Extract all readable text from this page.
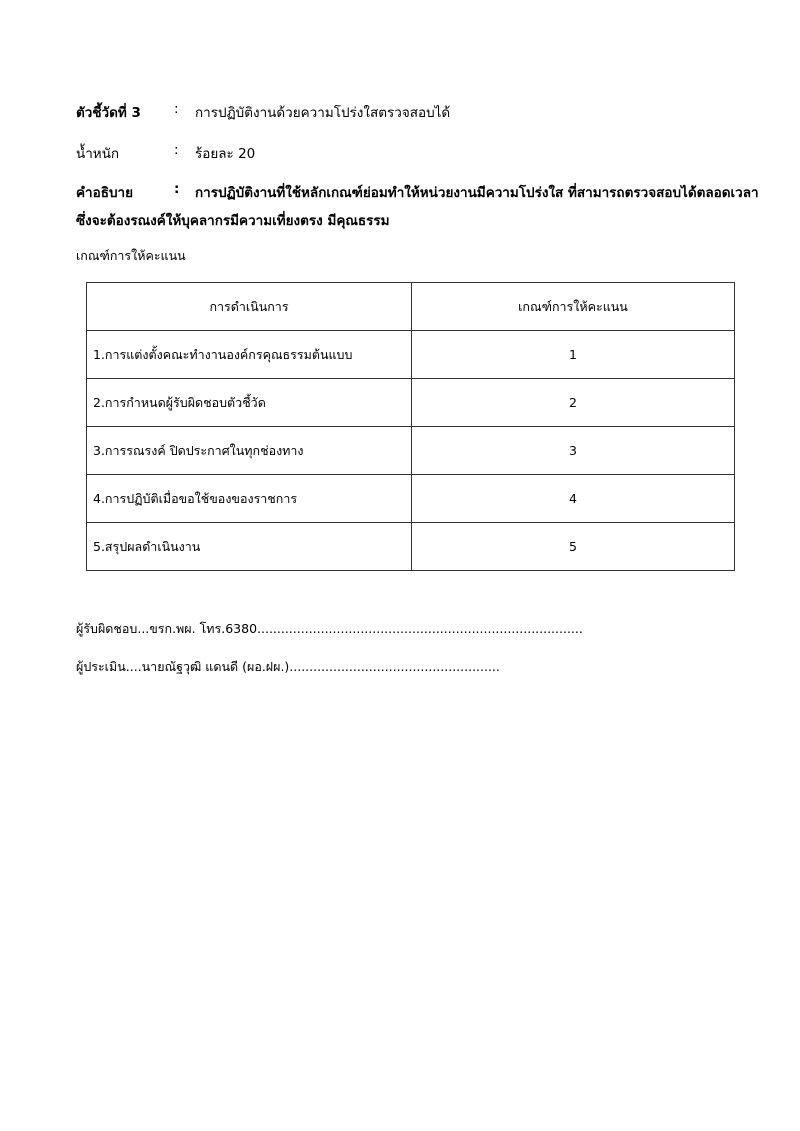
ตัวชี้วัดที่ 3 : การปฏิบัติงานด้วยความโปร่งใสตรวจสอบได้
น้ำหนัก	: ร้อยละ 20
คำอธิบาย	: การปฏิบัติงานที่ใช้หลักเกณฑ์ย่อมทำให้หน่วยงานมีความโปร่งใส ที่สามารถตรวจสอบได้ตลอดเวลา
ซึ่งจะต้องรณงค์ให้บุคลากรมีความเที่ยงตรง มีคุณธรรม
เกณฑ์การให้คะแนน
การดำเนินการ	เกณฑ์การให้คะแนน
1.การแต่งตั้งคณะทำงานองค์กรคุณธรรมต้นแบบ	1
2.การกำหนดผู้รับผิดชอบตัวชี้วัด	2
3.การรณรงค์ ปิดประกาศในทุกช่องทาง	3
4.การปฏิบัติเมื่อขอใช้ของของราชการ	4
5.สรุปผลดำเนินงาน	5
ผู้รับผิดชอบ...ขรก.พผ. โทร.6380..................................................................................
ผู้ประเมิน....นายณัฐวุฒิ แดนดี (ผอ.ฝผ.).....................................................
